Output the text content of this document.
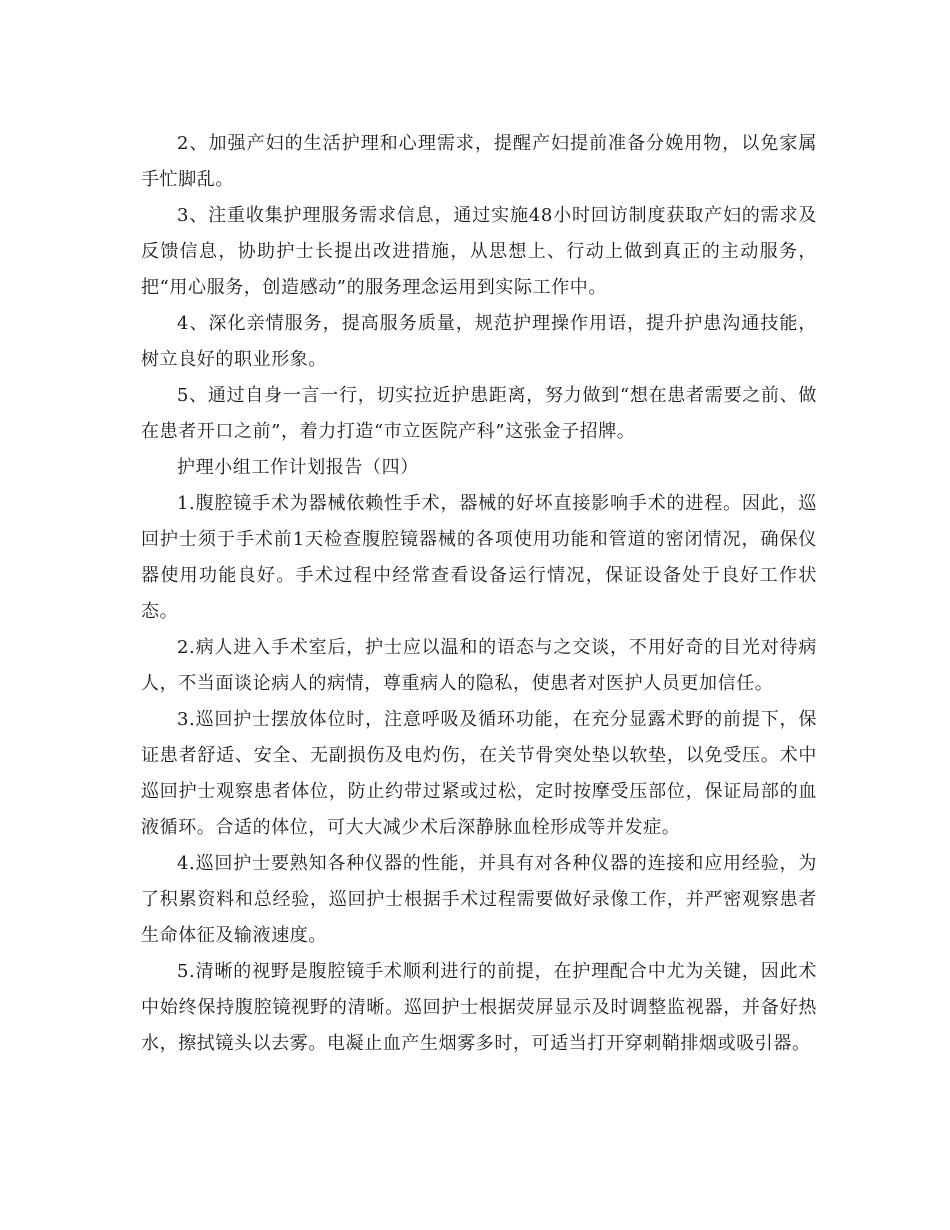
2、加强产妇的生活护理和心理需求，提醒产妇提前准备分娩用物，以免家属手忙脚乱。

3、注重收集护理服务需求信息，通过实施48小时回访制度获取产妇的需求及反馈信息，协助护士长提出改进措施，从思想上、行动上做到真正的主动服务，把“用心服务，创造感动”的服务理念运用到实际工作中。

4、深化亲情服务，提高服务质量，规范护理操作用语，提升护患沟通技能，树立良好的职业形象。

5、通过自身一言一行，切实拉近护患距离，努力做到“想在患者需要之前、做在患者开口之前”，着力打造“市立医院产科”这张金子招牌。

护理小组工作计划报告（四）

1.腹腔镜手术为器械依赖性手术，器械的好坏直接影响手术的进程。因此，巡回护士须于手术前1天检查腹腔镜器械的各项使用功能和管道的密闭情况，确保仪器使用功能良好。手术过程中经常查看设备运行情况，保证设备处于良好工作状态。

2.病人进入手术室后，护士应以温和的语态与之交谈，不用好奇的目光对待病人，不当面谈论病人的病情，尊重病人的隐私，使患者对医护人员更加信任。

3.巡回护士摆放体位时，注意呼吸及循环功能，在充分显露术野的前提下，保证患者舒适、安全、无副损伤及电灼伤，在关节骨突处垫以软垫，以免受压。术中巡回护士观察患者体位，防止约带过紧或过松，定时按摩受压部位，保证局部的血液循环。合适的体位，可大大减少术后深静脉血栓形成等并发症。

4.巡回护士要熟知各种仪器的性能，并具有对各种仪器的连接和应用经验，为了积累资料和总经验，巡回护士根据手术过程需要做好录像工作，并严密观察患者生命体征及输液速度。

5.清晰的视野是腹腔镜手术顺利进行的前提，在护理配合中尤为关键，因此术中始终保持腹腔镜视野的清晰。巡回护士根据荧屏显示及时调整监视器，并备好热水，擦拭镜头以去雾。电凝止血产生烟雾多时，可适当打开穿刺鞘排烟或吸引器。
